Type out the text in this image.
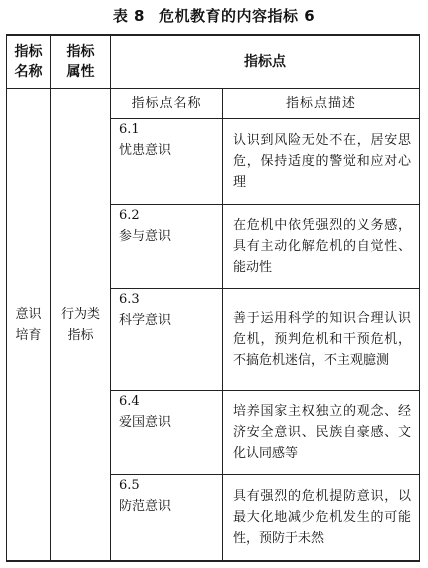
表 8 危机教育的内容指标 6
指标
名称
指标
属性
指标点
指标点名称	指标点描述
意识
培育
行为类
指标
6.1
忧患意识
认识到风险无处不在，居安思危，保持适度的警觉和应对心理
6.2
参与意识
在危机中依凭强烈的义务感，具有主动化解危机的自觉性、能动性
6.3
科学意识	善于运用科学的知识合理认识危机，预判危机和干预危机，不搞危机迷信，不主观臆测
6.4
爱国意识
培养国家主权独立的观念、经济安全意识、民族自豪感、文化认同感等
6.5
防范意识
具有强烈的危机提防意识，以最大化地减少危机发生的可能性，预防于未然
